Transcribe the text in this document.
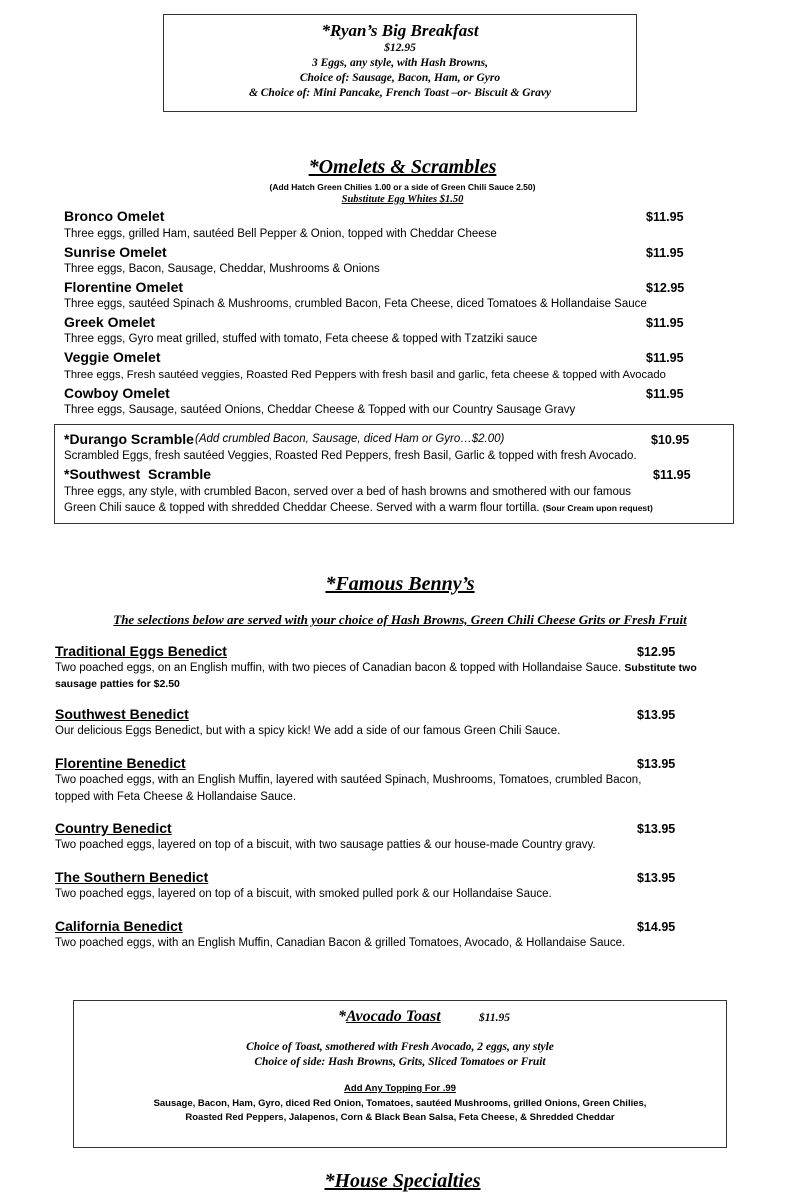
*Ryan’s Big Breakfast
$12.95
3 Eggs, any style, with Hash Browns,
Choice of: Sausage, Bacon, Ham, or Gyro
& Choice of: Mini Pancake, French Toast –or- Biscuit & Gravy
*Omelets & Scrambles
(Add Hatch Green Chilies 1.00 or a side of Green Chili Sauce 2.50)
Substitute Egg Whites $1.50
Bronco Omelet	$11.95
Three eggs, grilled Ham, sautéed Bell Pepper & Onion, topped with Cheddar Cheese
Sunrise Omelet	$11.95
Three eggs, Bacon, Sausage, Cheddar, Mushrooms & Onions
Florentine Omelet	$12.95
Three eggs, sautéed Spinach & Mushrooms, crumbled Bacon, Feta Cheese, diced Tomatoes & Hollandaise Sauce
Greek Omelet	$11.95
Three eggs, Gyro meat grilled, stuffed with tomato, Feta cheese & topped with Tzatziki sauce
Veggie Omelet	$11.95
Three eggs, Fresh sautéed veggies, Roasted Red Peppers with fresh basil and garlic, feta cheese & topped with Avocado
Cowboy Omelet	$11.95
Three eggs, Sausage, sautéed Onions, Cheddar Cheese & Topped with our Country Sausage Gravy
*Durango Scramble (Add crumbled Bacon, Sausage, diced Ham or Gyro…$2.00)	$10.95
Scrambled Eggs, fresh sautéed Veggies, Roasted Red Peppers, fresh Basil, Garlic & topped with fresh Avocado.
*Southwest  Scramble	$11.95
Three eggs, any style, with crumbled Bacon, served over a bed of hash browns and smothered with our famous
Green Chili sauce & topped with shredded Cheddar Cheese. Served with a warm flour tortilla. (Sour Cream upon request)
*Famous Benny’s
The selections below are served with your choice of Hash Browns, Green Chili Cheese Grits or Fresh Fruit
Traditional Eggs Benedict	$12.95
Two poached eggs, on an English muffin, with two pieces of Canadian bacon & topped with Hollandaise Sauce. Substitute two
sausage patties for $2.50
Southwest Benedict	$13.95
Our delicious Eggs Benedict, but with a spicy kick! We add a side of our famous Green Chili Sauce.
Florentine Benedict	$13.95
Two poached eggs, with an English Muffin, layered with sautéed Spinach, Mushrooms, Tomatoes, crumbled Bacon,
topped with Feta Cheese & Hollandaise Sauce.
Country Benedict	$13.95
Two poached eggs, layered on top of a biscuit, with two sausage patties & our house-made Country gravy.
The Southern Benedict	$13.95
Two poached eggs, layered on top of a biscuit, with smoked pulled pork & our Hollandaise Sauce.
California Benedict	$14.95
Two poached eggs, with an English Muffin, Canadian Bacon & grilled Tomatoes, Avocado, & Hollandaise Sauce.
*Avocado Toast	$11.95
Choice of Toast, smothered with Fresh Avocado, 2 eggs, any style
Choice of side: Hash Browns, Grits, Sliced Tomatoes or Fruit
Add Any Topping For .99
Sausage, Bacon, Ham, Gyro, diced Red Onion, Tomatoes, sautéed Mushrooms, grilled Onions, Green Chilies,
Roasted Red Peppers, Jalapenos, Corn & Black Bean Salsa, Feta Cheese, & Shredded Cheddar
*House Specialties
